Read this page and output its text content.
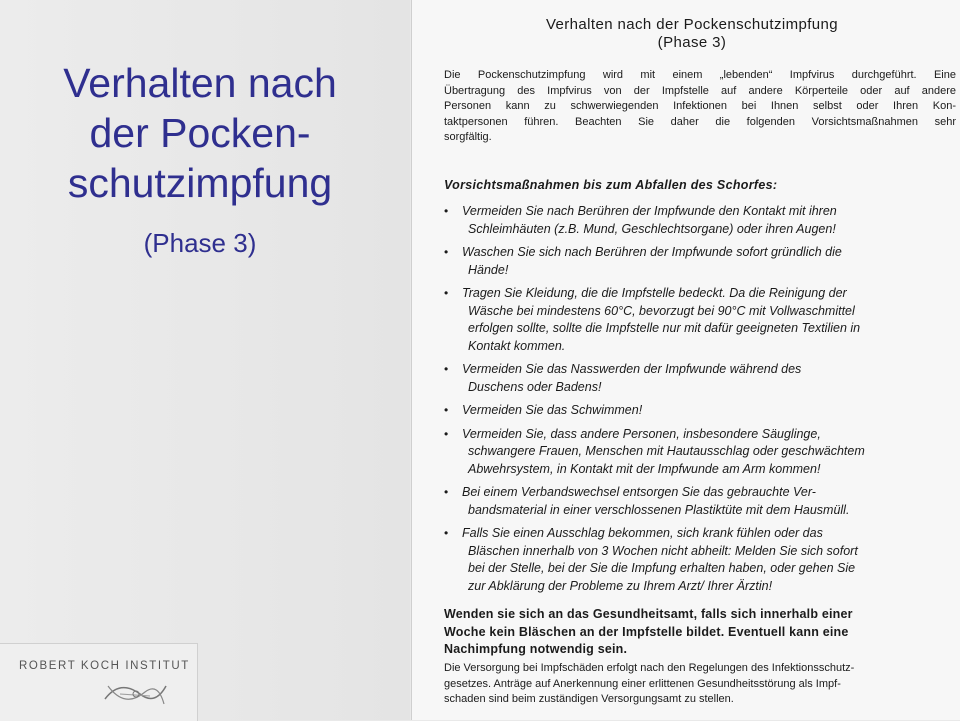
Verhalten nach
der Pocken-
schutzimpfung
(Phase 3)
ROBERT KOCH INSTITUT
Verhalten nach der Pockenschutzimpfung
(Phase 3)
Die Pockenschutzimpfung wird mit einem „lebenden“ Impfvirus durchgeführt. Eine
Übertragung des Impfvirus von der Impfstelle auf andere Körperteile oder auf andere
Personen kann zu schwerwiegenden Infektionen bei Ihnen selbst oder Ihren Kon-
taktpersonen führen. Beachten Sie daher die folgenden Vorsichtsmaßnahmen sehr
sorgfältig.
Vorsichtsmaßnahmen bis zum Abfallen des Schorfes:
• Vermeiden Sie nach Berühren der Impfwunde den Kontakt mit ihren
Schleimhäuten (z.B. Mund, Geschlechtsorgane) oder ihren Augen!
• Waschen Sie sich nach Berühren der Impfwunde sofort gründlich die
Hände!
• Tragen Sie Kleidung, die die Impfstelle bedeckt. Da die Reinigung der
Wäsche bei mindestens 60°C, bevorzugt bei 90°C mit Vollwaschmittel
erfolgen sollte, sollte die Impfstelle nur mit dafür geeigneten Textilien in
Kontakt kommen.
• Vermeiden Sie das Nasswerden der Impfwunde während des
Duschens oder Badens!
• Vermeiden Sie das Schwimmen!
• Vermeiden Sie, dass andere Personen, insbesondere Säuglinge,
schwangere Frauen, Menschen mit Hautausschlag oder geschwächtem
Abwehrsystem, in Kontakt mit der Impfwunde am Arm kommen!
• Bei einem Verbandswechsel entsorgen Sie das gebrauchte Ver-
bandsmaterial in einer verschlossenen Plastiktüte mit dem Hausmüll.
• Falls Sie einen Ausschlag bekommen, sich krank fühlen oder das
Bläschen innerhalb von 3 Wochen nicht abheilt: Melden Sie sich sofort
bei der Stelle, bei der Sie die Impfung erhalten haben, oder gehen Sie
zur Abklärung der Probleme zu Ihrem Arzt/ Ihrer Ärztin!
Wenden sie sich an das Gesundheitsamt, falls sich innerhalb einer
Woche kein Bläschen an der Impfstelle bildet. Eventuell kann eine
Nachimpfung notwendig sein.
Die Versorgung bei Impfschäden erfolgt nach den Regelungen des Infektionsschutz-
gesetzes. Anträge auf Anerkennung einer erlittenen Gesundheitsstörung als Impf-
schaden sind beim zuständigen Versorgungsamt zu stellen.
